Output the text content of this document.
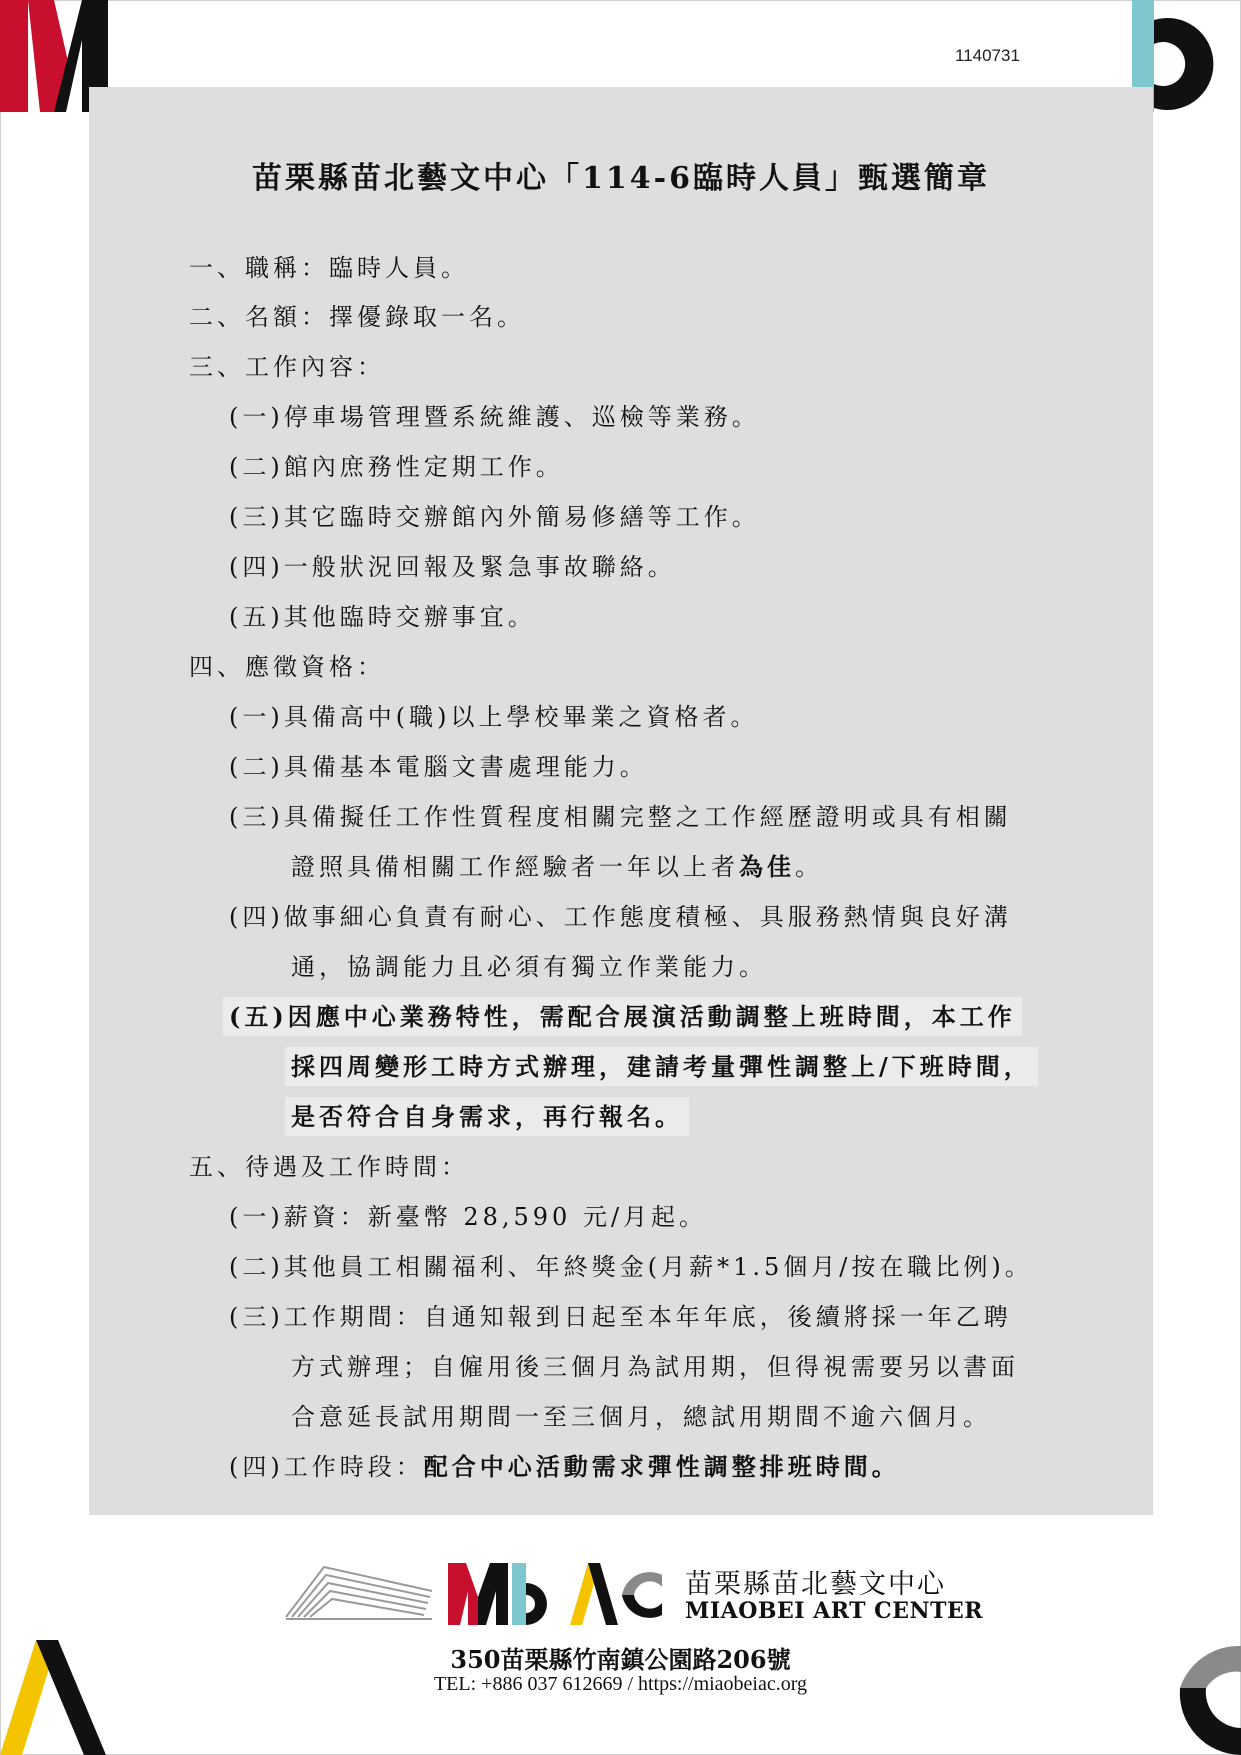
1140731
苗栗縣苗北藝文中心「114-6臨時人員」甄選簡章
一、職稱：臨時人員。
二、名額：擇優錄取一名。
三、工作內容：
(一)停車場管理暨系統維護、巡檢等業務。
(二)館內庶務性定期工作。
(三)其它臨時交辦館內外簡易修繕等工作。
(四)一般狀況回報及緊急事故聯絡。
(五)其他臨時交辦事宜。
四、應徵資格：
(一)具備高中(職)以上學校畢業之資格者。
(二)具備基本電腦文書處理能力。
(三)具備擬任工作性質程度相關完整之工作經歷證明或具有相關
證照具備相關工作經驗者一年以上者為佳。
(四)做事細心負責有耐心、工作態度積極、具服務熱情與良好溝
通，協調能力且必須有獨立作業能力。
(五)因應中心業務特性，需配合展演活動調整上班時間，本工作
採四周變形工時方式辦理，建請考量彈性調整上/下班時間，
是否符合自身需求，再行報名。
五、待遇及工作時間：
(一)薪資：新臺幣 28,590 元/月起。
(二)其他員工相關福利、年終獎金(月薪*1.5個月/按在職比例)。
(三)工作期間：自通知報到日起至本年年底，後續將採一年乙聘
方式辦理；自僱用後三個月為試用期，但得視需要另以書面
合意延長試用期間一至三個月，總試用期間不逾六個月。
(四)工作時段：配合中心活動需求彈性調整排班時間。
苗栗縣苗北藝文中心
MIAOBEI ART CENTER
350苗栗縣竹南鎮公園路206號
TEL: +886 037 612669 / https://miaobeiac.org
